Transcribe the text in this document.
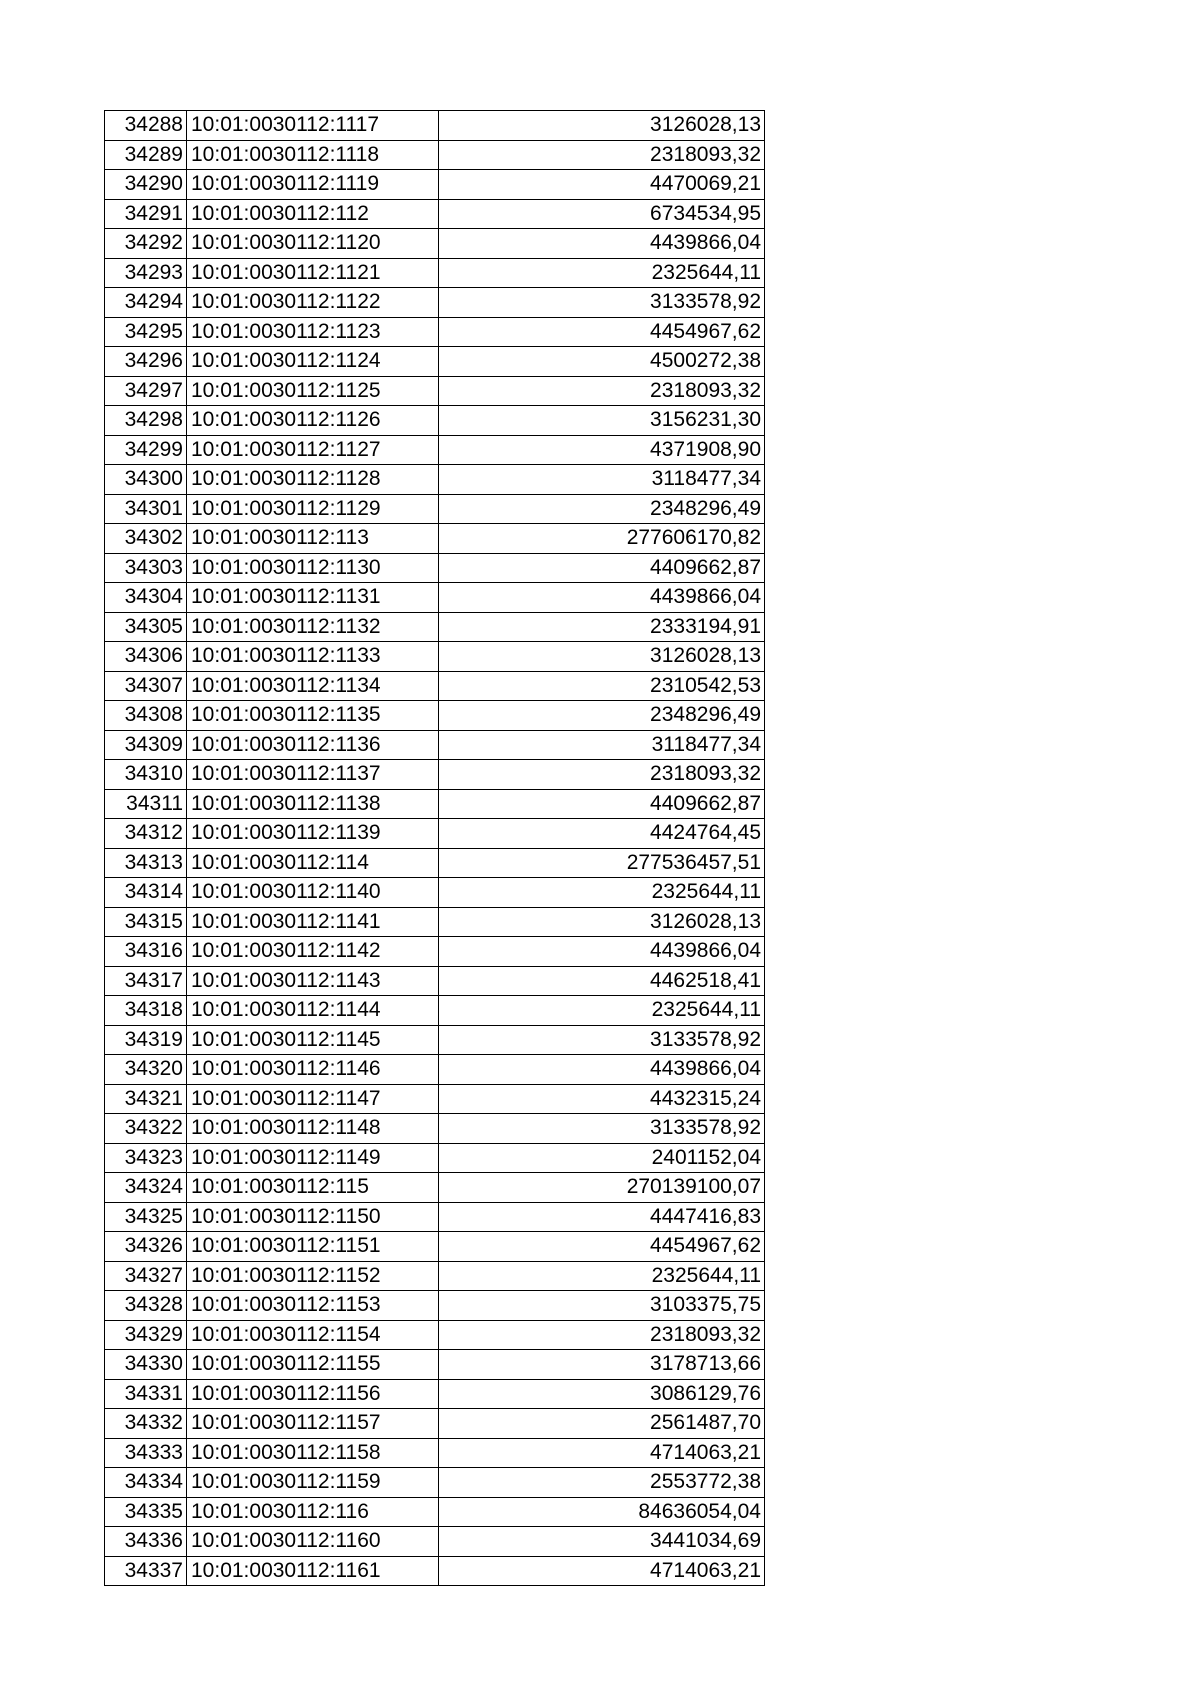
34288	10:01:0030112:1117	3126028,13
34289	10:01:0030112:1118	2318093,32
34290	10:01:0030112:1119	4470069,21
34291	10:01:0030112:112	6734534,95
34292	10:01:0030112:1120	4439866,04
34293	10:01:0030112:1121	2325644,11
34294	10:01:0030112:1122	3133578,92
34295	10:01:0030112:1123	4454967,62
34296	10:01:0030112:1124	4500272,38
34297	10:01:0030112:1125	2318093,32
34298	10:01:0030112:1126	3156231,30
34299	10:01:0030112:1127	4371908,90
34300	10:01:0030112:1128	3118477,34
34301	10:01:0030112:1129	2348296,49
34302	10:01:0030112:113	277606170,82
34303	10:01:0030112:1130	4409662,87
34304	10:01:0030112:1131	4439866,04
34305	10:01:0030112:1132	2333194,91
34306	10:01:0030112:1133	3126028,13
34307	10:01:0030112:1134	2310542,53
34308	10:01:0030112:1135	2348296,49
34309	10:01:0030112:1136	3118477,34
34310	10:01:0030112:1137	2318093,32
34311	10:01:0030112:1138	4409662,87
34312	10:01:0030112:1139	4424764,45
34313	10:01:0030112:114	277536457,51
34314	10:01:0030112:1140	2325644,11
34315	10:01:0030112:1141	3126028,13
34316	10:01:0030112:1142	4439866,04
34317	10:01:0030112:1143	4462518,41
34318	10:01:0030112:1144	2325644,11
34319	10:01:0030112:1145	3133578,92
34320	10:01:0030112:1146	4439866,04
34321	10:01:0030112:1147	4432315,24
34322	10:01:0030112:1148	3133578,92
34323	10:01:0030112:1149	2401152,04
34324	10:01:0030112:115	270139100,07
34325	10:01:0030112:1150	4447416,83
34326	10:01:0030112:1151	4454967,62
34327	10:01:0030112:1152	2325644,11
34328	10:01:0030112:1153	3103375,75
34329	10:01:0030112:1154	2318093,32
34330	10:01:0030112:1155	3178713,66
34331	10:01:0030112:1156	3086129,76
34332	10:01:0030112:1157	2561487,70
34333	10:01:0030112:1158	4714063,21
34334	10:01:0030112:1159	2553772,38
34335	10:01:0030112:116	84636054,04
34336	10:01:0030112:1160	3441034,69
34337	10:01:0030112:1161	4714063,21
